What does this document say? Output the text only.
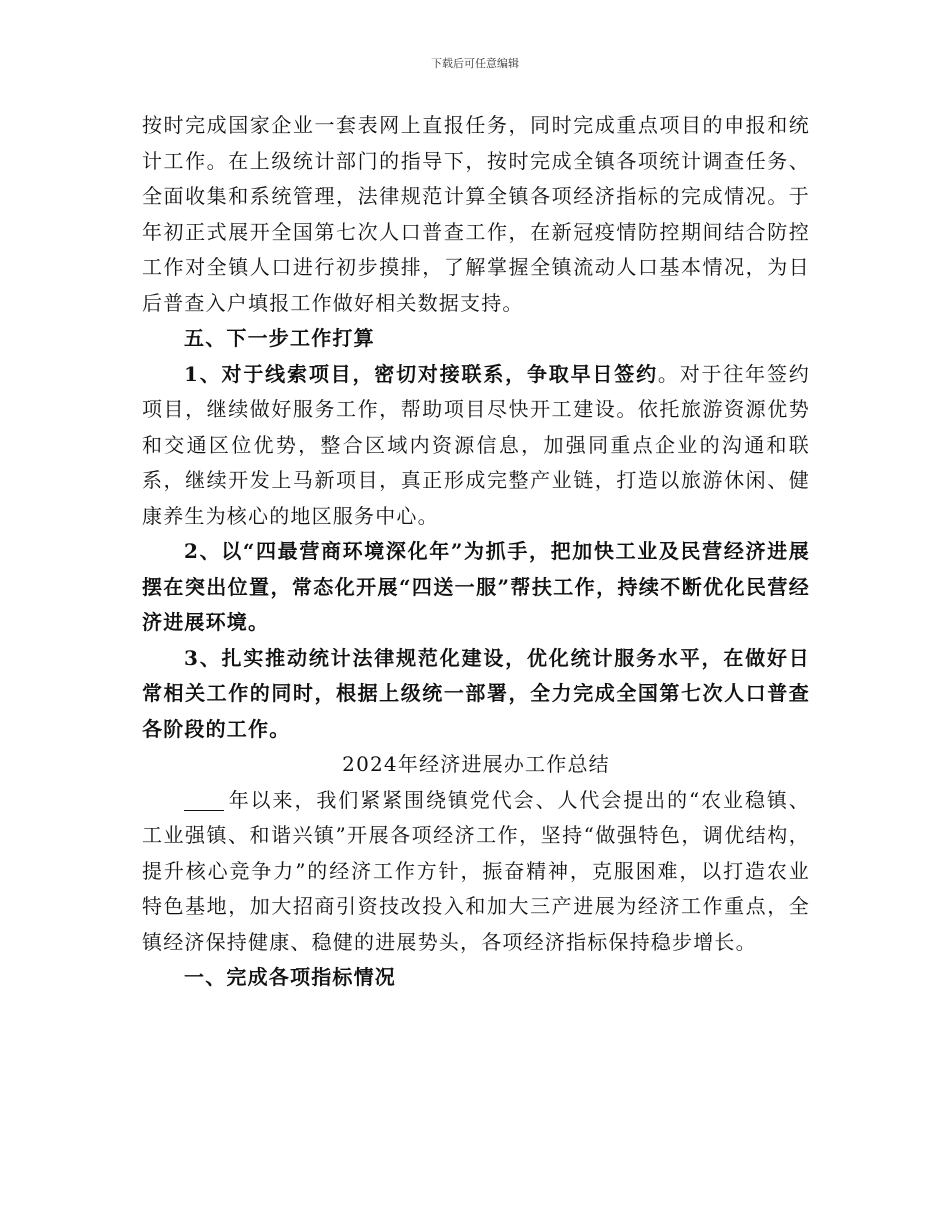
下载后可任意编辑

按时完成国家企业一套表网上直报任务，同时完成重点项目的申报和统计工作。在上级统计部门的指导下，按时完成全镇各项统计调查任务、全面收集和系统管理，法律规范计算全镇各项经济指标的完成情况。于年初正式展开全国第七次人口普查工作，在新冠疫情防控期间结合防控工作对全镇人口进行初步摸排，了解掌握全镇流动人口基本情况，为日后普查入户填报工作做好相关数据支持。

五、下一步工作打算

1、对于线索项目，密切对接联系，争取早日签约。对于往年签约项目，继续做好服务工作，帮助项目尽快开工建设。依托旅游资源优势和交通区位优势，整合区域内资源信息，加强同重点企业的沟通和联系，继续开发上马新项目，真正形成完整产业链，打造以旅游休闲、健康养生为核心的地区服务中心。

2、以“四最营商环境深化年”为抓手，把加快工业及民营经济进展摆在突出位置，常态化开展“四送一服”帮扶工作，持续不断优化民营经济进展环境。

3、扎实推动统计法律规范化建设，优化统计服务水平，在做好日常相关工作的同时，根据上级统一部署，全力完成全国第七次人口普查各阶段的工作。

2024年经济进展办工作总结

年以来，我们紧紧围绕镇党代会、人代会提出的“农业稳镇、工业强镇、和谐兴镇”开展各项经济工作，坚持“做强特色，调优结构，提升核心竞争力”的经济工作方针，振奋精神，克服困难，以打造农业特色基地，加大招商引资技改投入和加大三产进展为经济工作重点，全镇经济保持健康、稳健的进展势头，各项经济指标保持稳步增长。

一、完成各项指标情况
